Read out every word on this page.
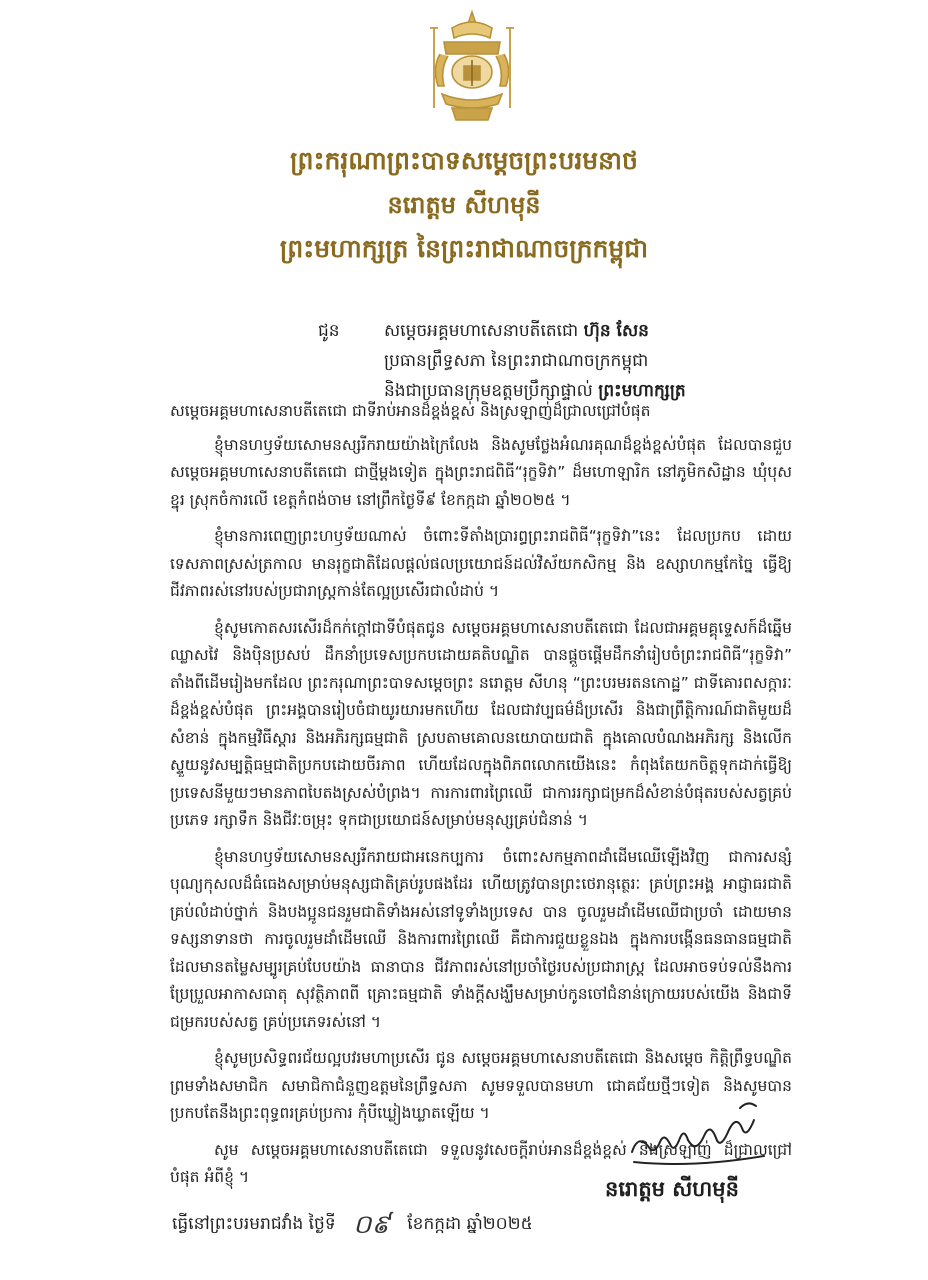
ព្រះករុណាព្រះបាទសម្តេចព្រះបរមនាថ
នរោត្តម សីហមុនី
ព្រះមហាក្សត្រ នៃព្រះរាជាណាចក្រកម្ពុជា
ជូន	សម្តេចអគ្គមហាសេនាបតីតេជោ ហ៊ុន សែន
ប្រធានព្រឹទ្ធសភា នៃព្រះរាជាណាចក្រកម្ពុជា
និងជាប្រធានក្រុមឧត្តមប្រឹក្សាផ្ទាល់ ព្រះមហាក្សត្រ

សម្តេចអគ្គមហាសេនាបតីតេជោ ជាទីរាប់អានដ៏ខ្ពង់ខ្ពស់ និងស្រឡាញ់ដ៏ជ្រាលជ្រៅបំផុត

ខ្ញុំមានហឫទ័យសោមនស្សរីករាយយ៉ាងក្រៃលែង និងសូមថ្លែងអំណរគុណដ៏ខ្ពង់ខ្ពស់បំផុត ដែលបានជួប សម្តេចអគ្គមហាសេនាបតីតេជោ ជាថ្មីម្តងទៀត ក្នុងព្រះរាជពិធី“រុក្ខទិវា” ដ៏មហោឡារិក នៅភូមិកសិដ្ឋាន ឃុំបុសខ្នុរ ស្រុកចំការលើ ខេត្តកំពង់ចាម នៅព្រឹកថ្ងៃទី៩ ខែកក្កដា ឆ្នាំ២០២៥ ។

ខ្ញុំមានការពេញព្រះហឫទ័យណាស់ ចំពោះទីតាំងប្រារព្ធព្រះរាជពិធី“រុក្ខទិវា”នេះ ដែលប្រកប ដោយទេសភាពស្រស់ត្រកាល មានរុក្ខជាតិដែលផ្តល់ផលប្រយោជន៍ដល់វិស័យកសិកម្ម និង ឧស្សាហកម្មកែច្នៃ ធ្វើឱ្យជីវភាពរស់នៅរបស់ប្រជារាស្ត្រកាន់តែល្អប្រសើរជាលំដាប់ ។

ខ្ញុំសូមកោតសរសើរដ៏កក់ក្តៅជាទីបំផុតជូន សម្តេចអគ្គមហាសេនាបតីតេជោ ដែលជាអគ្គមគ្គុទ្ទេសក៍ដ៏ឆ្នើម ឈ្លាសវៃ និងប៉ិនប្រសប់ ដឹកនាំប្រទេសប្រកបដោយគតិបណ្ឌិត បានផ្តួចផ្តើមដឹកនាំរៀបចំព្រះរាជពិធី“រុក្ខទិវា” តាំងពីដើមរៀងមកដែល ព្រះករុណាព្រះបាទសម្តេចព្រះ នរោត្តម សីហនុ “ព្រះបរមរតនកោដ្ឋ” ជាទីគោរពសក្ការៈដ៏ខ្ពង់ខ្ពស់បំផុត ព្រះអង្គបានរៀបចំជាយូរយារមកហើយ ដែលជាវប្បធម៌ដ៏ប្រសើរ និងជាព្រឹត្តិការណ៍ជាតិមួយដ៏សំខាន់ ក្នុងកម្មវិធីស្តារ និងអភិរក្សធម្មជាតិ ស្របតាមគោលនយោបាយជាតិ ក្នុងគោលបំណងអភិរក្ស និងលើកស្ទួយនូវសម្បត្តិធម្មជាតិប្រកបដោយចីរភាព ហើយដែលក្នុងពិភពលោកយើងនេះ កំពុងតែយកចិត្តទុកដាក់ធ្វើឱ្យប្រទេសនីមួយៗមានភាពបៃតងស្រស់បំព្រង។ ការការពារព្រៃឈើ ជាការរក្សាជម្រកដ៏សំខាន់បំផុតរបស់សត្វគ្រប់ប្រភេទ រក្សាទឹក និងជីវៈចម្រុះ ទុកជាប្រយោជន៍សម្រាប់មនុស្សគ្រប់ជំនាន់ ។

ខ្ញុំមានហឫទ័យសោមនស្សរីករាយជាអនេកប្បការ ចំពោះសកម្មភាពដាំដើមឈើឡើងវិញ ជាការសន្សំបុណ្យកុសលដ៏ធំធេងសម្រាប់មនុស្សជាតិគ្រប់រូបផងដែរ ហើយត្រូវបានព្រះថេរានុត្ថេរៈ គ្រប់ព្រះអង្គ អាជ្ញាធរជាតិគ្រប់លំដាប់ថ្នាក់ និងបងប្អូនជនរួមជាតិទាំងអស់នៅទូទាំងប្រទេស បាន ចូលរួមដាំដើមឈើជាប្រចាំ ដោយមានទស្សនាទានថា ការចូលរួមដាំដើមឈើ និងការពារព្រៃឈើ គឺជាការជួយខ្លួនឯង ក្នុងការបង្កើនធនធានធម្មជាតិដែលមានតម្លៃសម្បូរគ្រប់បែបយ៉ាង ធានាបាន ជីវភាពរស់នៅប្រចាំថ្ងៃរបស់ប្រជារាស្ត្រ ដែលអាចទប់ទល់នឹងការប្រែប្រួលអាកាសធាតុ សុវត្ថិភាពពី គ្រោះធម្មជាតិ ទាំងក្តីសង្ឃឹមសម្រាប់កូនចៅជំនាន់ក្រោយរបស់យើង និងជាទីជម្រករបស់សត្វ គ្រប់ប្រភេទរស់នៅ ។

ខ្ញុំសូមប្រសិទ្ធពរជ័យល្អបវរមហាប្រសើរ ជូន សម្តេចអគ្គមហាសេនាបតីតេជោ និងសម្តេច កិត្តិព្រឹទ្ធបណ្ឌិត ព្រមទាំងសមាជិក សមាជិកាជំនួញឧត្តមនៃព្រឹទ្ធសភា សូមទទួលបានមហា ជោគជ័យថ្មីៗទៀត និងសូមបានប្រកបតែនឹងព្រះពុទ្ធពរគ្រប់ប្រការ កុំបីឃ្លៀងឃ្លាតឡើយ ។

សូម សម្តេចអគ្គមហាសេនាបតីតេជោ ទទួលនូវសេចក្តីរាប់អានដ៏ខ្ពង់ខ្ពស់ និងស្រឡាញ់ ដ៏ជ្រាលជ្រៅបំផុត អំពីខ្ញុំ ។	នរោត្តម សីហមុនី
ធ្វើនៅព្រះបរមរាជវាំង ថ្ងៃទី ០៩ ខែកក្កដា ឆ្នាំ២០២៥
